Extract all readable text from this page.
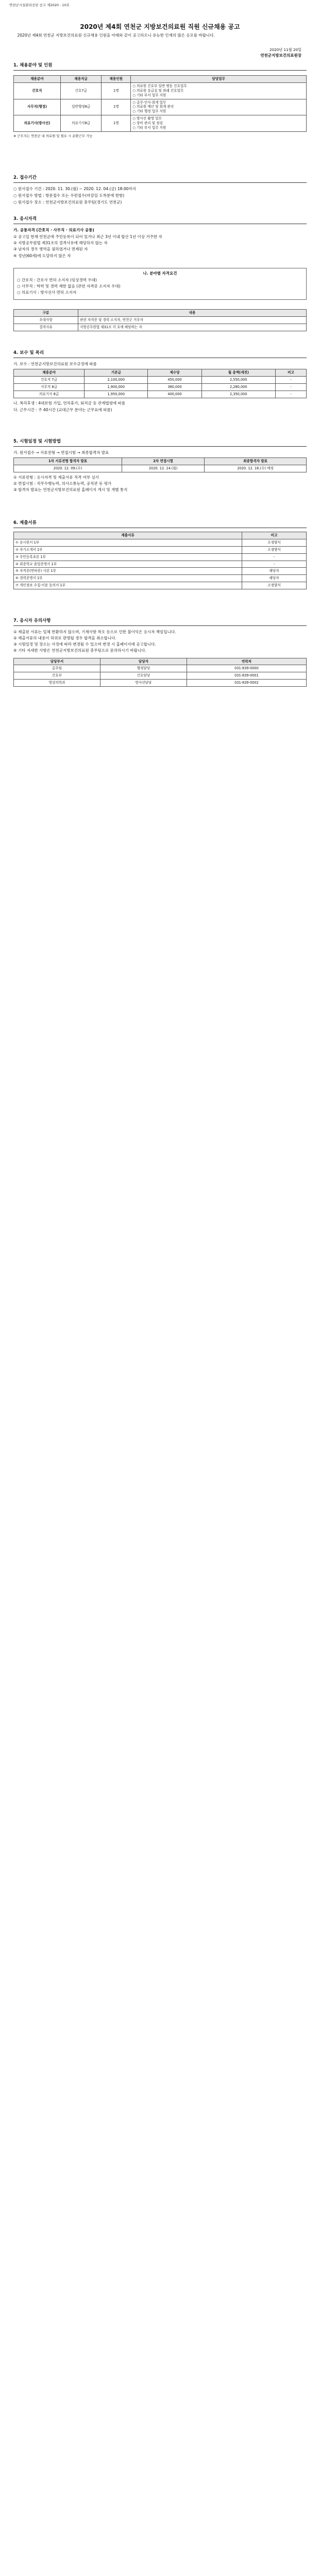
연천군시설관리공단 공고 제2020 - 10호
2020년 제4회 연천군 지방보건의료원 직원 신규채용 공고
2020년 제4회 연천군 지방보건의료원 신규채용 인원을 아래와 같이 공고하오니 유능한 인재의 많은 응모를 바랍니다.
2020년 11월 20일
연천군지방보건의료원장
1. 채용분야 및 인원
채용분야	채용직급	채용인원	담당업무
간호직	간호7급	1명	○ 의료원 간호부 일반 병동 간호업무
○ 의료원 응급실 및 외래 간호업무
○ 기타 부서 업무 지원

사무직(행정)	일반행정8급	1명	○ 총무·인사·회계 업무
○ 의료원 예산 및 회계 관리
○ 기타 행정 업무 지원

의료기사(방사선)	의료기사8급	1명	○ 방사선 촬영 업무
○ 장비 관리 및 점검
○ 기타 부서 업무 지원
※ 근무지는 연천군 내 의료원 및 필요 시 순환근무 가능
2. 접수기간
○ 원서접수 기간 : 2020. 11. 30.(월) ~ 2020. 12. 04.(금) 18:00까지
○ 원서접수 방법 : 방문접수 또는 우편접수(마감일 도착분에 한함)
○ 원서접수 장소 : 연천군지방보건의료원 총무팀(경기도 연천군)
3. 응시자격
가. 공통자격 (간호직 · 사무직 · 의료기사 공통)
① 공고일 현재 연천군에 주민등록이 되어 있거나 최근 3년 이내 합산 1년 이상 거주한 자
② 지방공무원법 제31조의 결격사유에 해당하지 않는 자
③ 남자의 경우 병역을 필하였거나 면제된 자
④ 정년(60세)에 도달하지 않은 자
나. 분야별 자격요건
○ 간호직 : 간호사 면허 소지자 (임상경력 우대)
○ 사무직 : 학력 및 경력 제한 없음 (관련 자격증 소지자 우대)
○ 의료기사 : 방사선사 면허 소지자
구분	내용
우대사항	관련 자격증 및 경력 소지자, 연천군 거주자
결격사유	지방공무원법 제31조 각 호에 해당하는 자
4. 보수 및 복리
가. 보수 : 연천군지방보건의료원 보수규정에 따름
채용분야	기본급	제수당	월 총액(세전)	비고
간호직 7급	2,100,000	450,000	2,550,000	-
사무직 8급	1,900,000	380,000	2,280,000	-
의료기사 8급	1,950,000	400,000	2,350,000	-
나. 복리후생 : 4대보험 가입, 연차휴가, 퇴직금 등 관계법령에 따름
다. 근무시간 : 주 40시간 (교대근무 분야는 근무표에 따름)
5. 시험일정 및 시험방법
가. 원서접수 → 서류전형 → 면접시험 → 최종합격자 발표
1차 서류전형 합격자 발표	2차 면접시험	최종합격자 발표
2020. 12. 09.(수)	2020. 12. 14.(월)	2020. 12. 16.(수) 예정
① 서류전형 : 응시자격 및 제출서류 적격 여부 심사
② 면접시험 : 직무수행능력, 의사소통능력, 공직관 등 평가
③ 합격자 발표는 연천군지방보건의료원 홈페이지 게시 및 개별 통지
6. 제출서류
제출서류	비고
① 응시원서 1부	소정양식
② 자기소개서 1부	소정양식
③ 주민등록초본 1부	-
④ 최종학교 졸업증명서 1부	-
⑤ 자격증(면허증) 사본 1부	해당자
⑥ 경력증명서 1부	해당자
⑦ 개인정보 수집·이용 동의서 1부	소정양식
7. 응시자 유의사항
① 제출된 서류는 일체 반환하지 않으며, 기재사항 착오 등으로 인한 불이익은 응시자 책임입니다.
② 제출서류의 내용이 허위로 판명될 경우 합격을 취소합니다.
③ 시험일정 및 장소는 사정에 따라 변경될 수 있으며 변경 시 홈페이지에 공고합니다.
④ 기타 자세한 사항은 연천군지방보건의료원 총무팀으로 문의하시기 바랍니다.
담당부서	담당자	연락처
총무팀	행정담당	031-839-0000
간호부	간호담당	031-839-0001
영상의학과	방사선담당	031-839-0002
